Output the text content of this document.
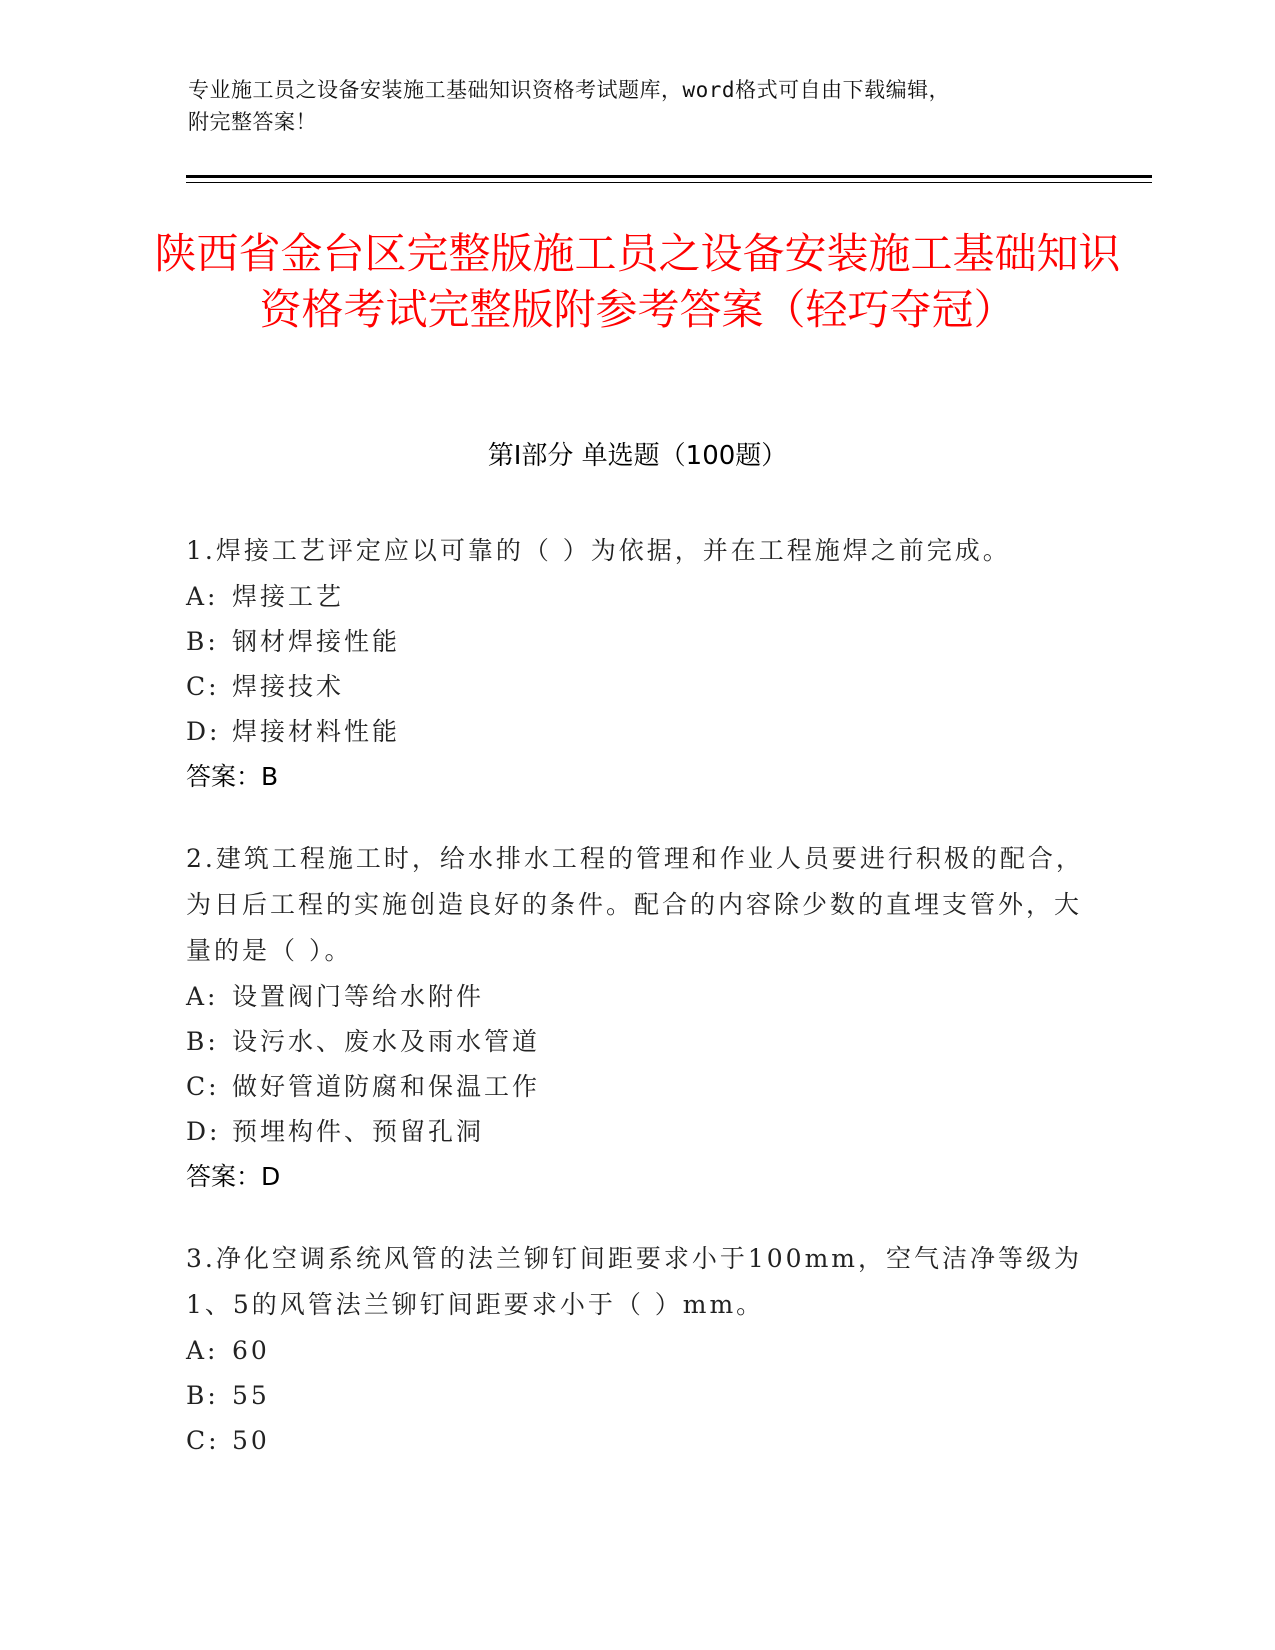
专业施工员之设备安装施工基础知识资格考试题库，word格式可自由下载编辑，
附完整答案！
陕西省金台区完整版施工员之设备安装施工基础知识资格考试完整版附参考答案（轻巧夺冠）
第Ⅰ部分 单选题（100题）
1.焊接工艺评定应以可靠的（ ）为依据，并在工程施焊之前完成。
A: 焊接工艺
B: 钢材焊接性能
C: 焊接技术
D: 焊接材料性能
答案：B
2.建筑工程施工时，给水排水工程的管理和作业人员要进行积极的配合，为日后工程的实施创造良好的条件。配合的内容除少数的直埋支管外，大量的是（ ）。
A: 设置阀门等给水附件
B: 设污水、废水及雨水管道
C: 做好管道防腐和保温工作
D: 预埋构件、预留孔洞
答案：D
3.净化空调系统风管的法兰铆钉间距要求小于100mm，空气洁净等级为1、5的风管法兰铆钉间距要求小于（ ）mm。
A: 60
B: 55
C: 50
